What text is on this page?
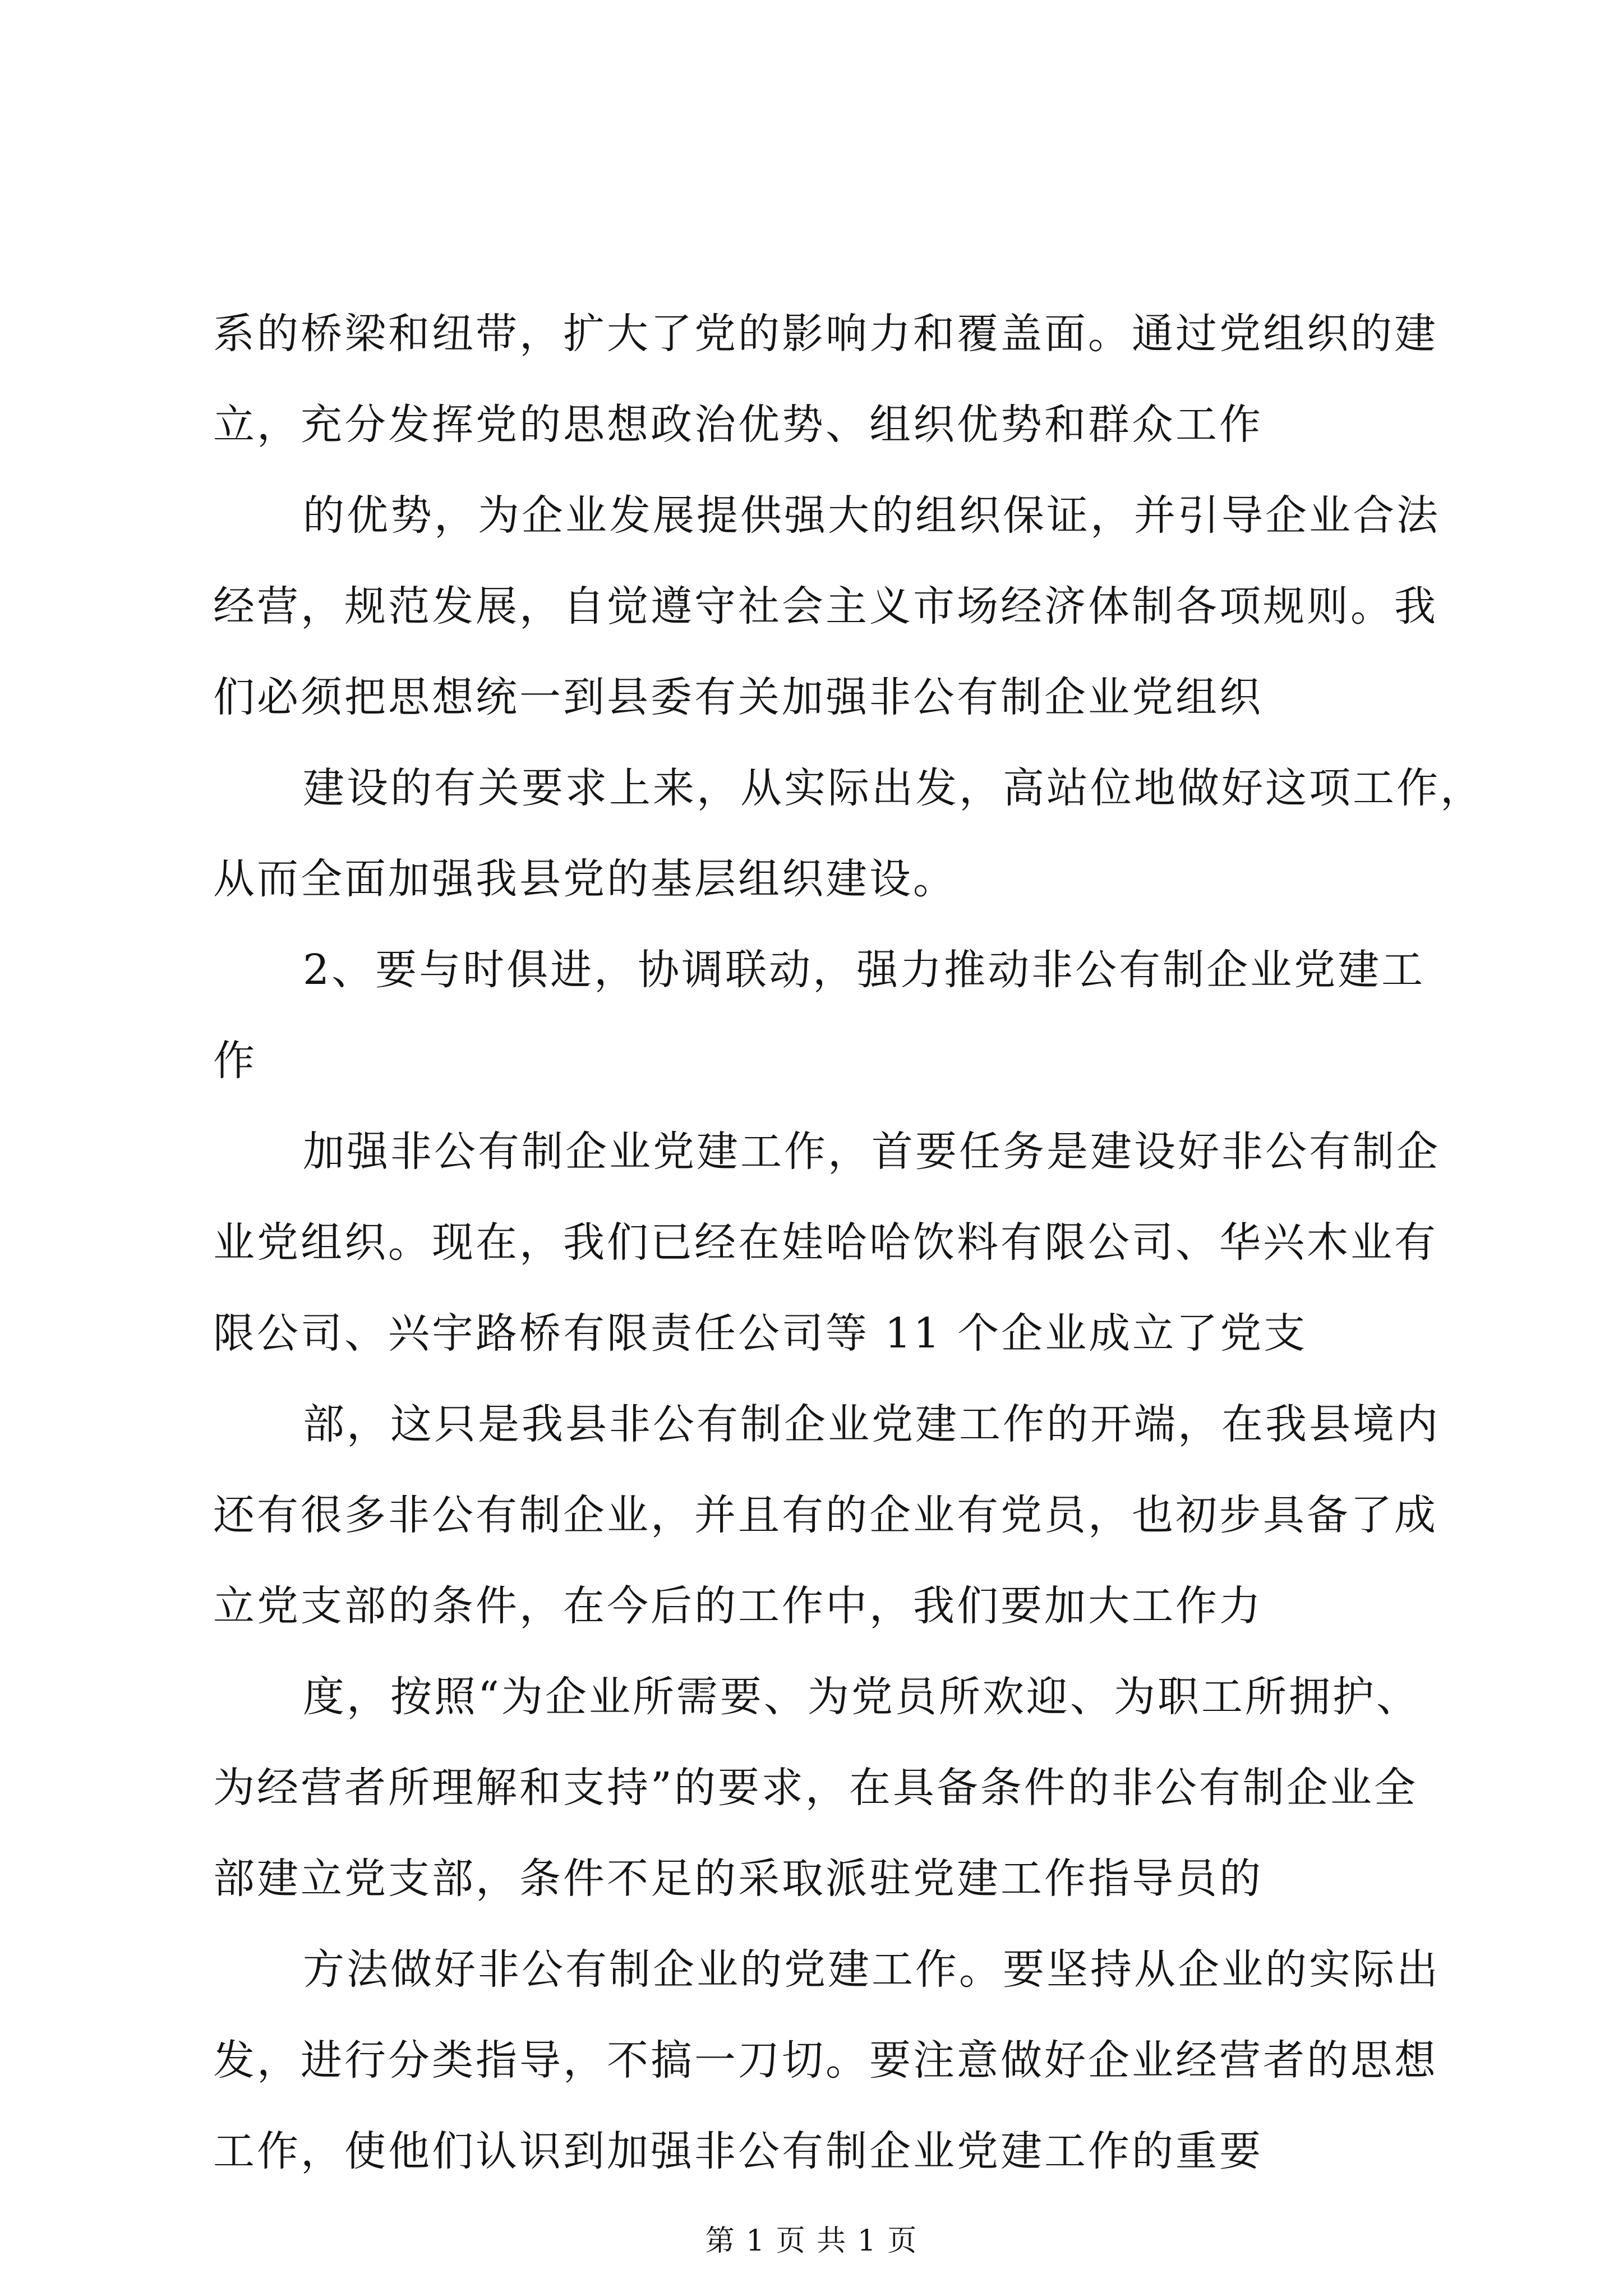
系的桥梁和纽带，扩大了党的影响力和覆盖面。通过党组织的建
立，充分发挥党的思想政治优势、组织优势和群众工作
的优势，为企业发展提供强大的组织保证，并引导企业合法
经营，规范发展，自觉遵守社会主义市场经济体制各项规则。我
们必须把思想统一到县委有关加强非公有制企业党组织
建设的有关要求上来，从实际出发，高站位地做好这项工作，
从而全面加强我县党的基层组织建设。
2、要与时俱进，协调联动，强力推动非公有制企业党建工
作
加强非公有制企业党建工作，首要任务是建设好非公有制企
业党组织。现在，我们已经在娃哈哈饮料有限公司、华兴木业有
限公司、兴宇路桥有限责任公司等 11 个企业成立了党支
部，这只是我县非公有制企业党建工作的开端，在我县境内
还有很多非公有制企业，并且有的企业有党员，也初步具备了成
立党支部的条件，在今后的工作中，我们要加大工作力
度，按照“为企业所需要、为党员所欢迎、为职工所拥护、
为经营者所理解和支持”的要求，在具备条件的非公有制企业全
部建立党支部，条件不足的采取派驻党建工作指导员的
方法做好非公有制企业的党建工作。要坚持从企业的实际出
发，进行分类指导，不搞一刀切。要注意做好企业经营者的思想
工作，使他们认识到加强非公有制企业党建工作的重要
第 1 页 共 1 页
